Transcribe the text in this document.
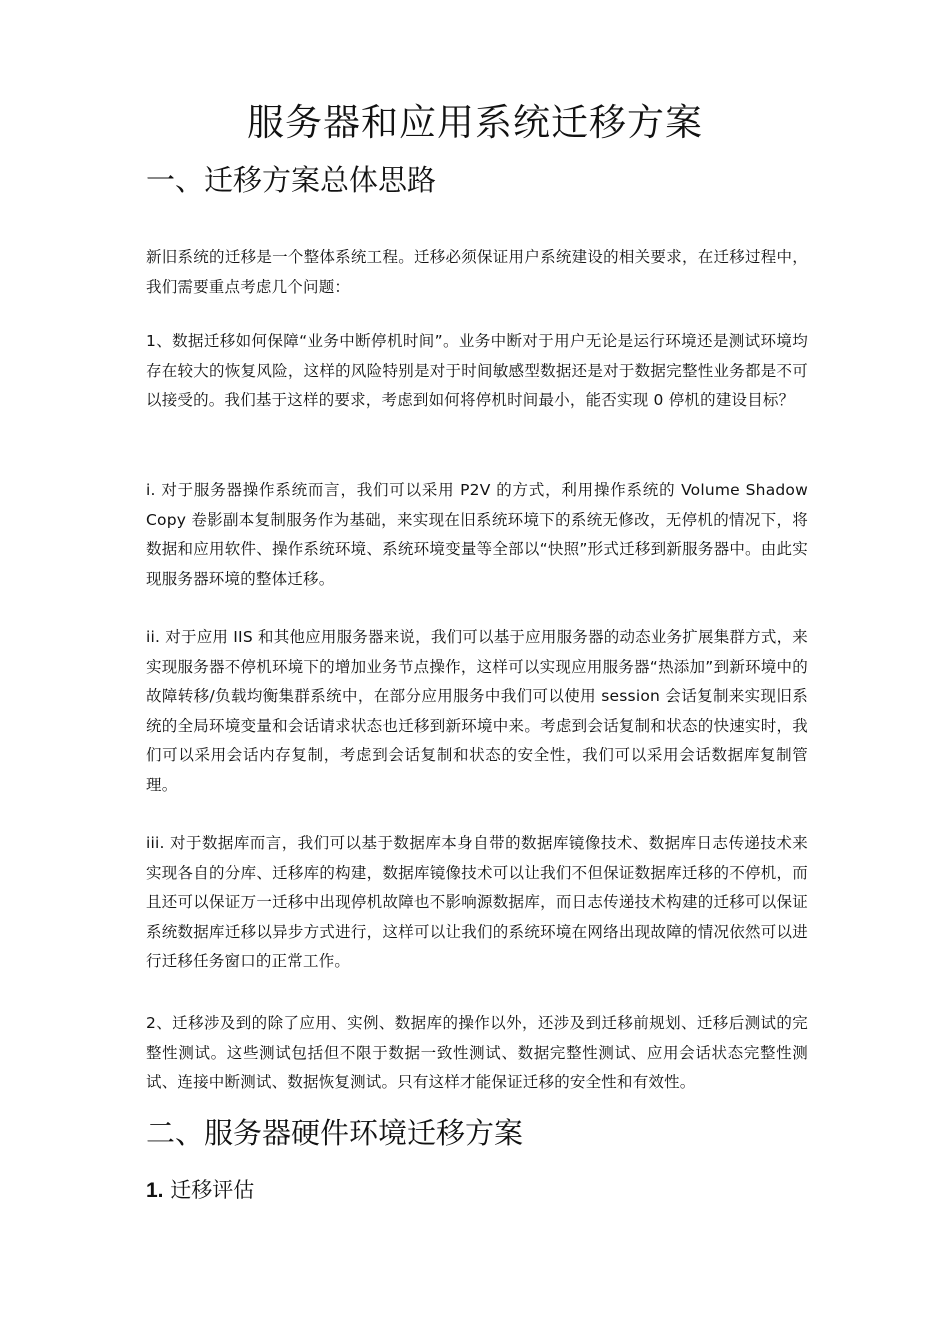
服务器和应用系统迁移方案
一、迁移方案总体思路

新旧系统的迁移是一个整体系统工程。迁移必须保证用户系统建设的相关要求，在迁移过程中，我们需要重点考虑几个问题：

1、数据迁移如何保障“业务中断停机时间”。业务中断对于用户无论是运行环境还是测试环境均存在较大的恢复风险，这样的风险特别是对于时间敏感型数据还是对于数据完整性业务都是不可以接受的。我们基于这样的要求，考虑到如何将停机时间最小，能否实现 0 停机的建设目标？

i. 对于服务器操作系统而言，我们可以采用 P2V 的方式，利用操作系统的 Volume Shadow Copy 卷影副本复制服务作为基础，来实现在旧系统环境下的系统无修改，无停机的情况下，将数据和应用软件、操作系统环境、系统环境变量等全部以“快照”形式迁移到新服务器中。由此实现服务器环境的整体迁移。

ii. 对于应用 IIS 和其他应用服务器来说，我们可以基于应用服务器的动态业务扩展集群方式，来实现服务器不停机环境下的增加业务节点操作，这样可以实现应用服务器“热添加”到新环境中的故障转移/负载均衡集群系统中，在部分应用服务中我们可以使用 session 会话复制来实现旧系统的全局环境变量和会话请求状态也迁移到新环境中来。考虑到会话复制和状态的快速实时，我们可以采用会话内存复制，考虑到会话复制和状态的安全性，我们可以采用会话数据库复制管理。

iii. 对于数据库而言，我们可以基于数据库本身自带的数据库镜像技术、数据库日志传递技术来实现各自的分库、迁移库的构建，数据库镜像技术可以让我们不但保证数据库迁移的不停机，而且还可以保证万一迁移中出现停机故障也不影响源数据库，而日志传递技术构建的迁移可以保证系统数据库迁移以异步方式进行，这样可以让我们的系统环境在网络出现故障的情况依然可以进行迁移任务窗口的正常工作。

2、迁移涉及到的除了应用、实例、数据库的操作以外，还涉及到迁移前规划、迁移后测试的完整性测试。这些测试包括但不限于数据一致性测试、数据完整性测试、应用会话状态完整性测试、连接中断测试、数据恢复测试。只有这样才能保证迁移的安全性和有效性。

二、服务器硬件环境迁移方案
1. 迁移评估
